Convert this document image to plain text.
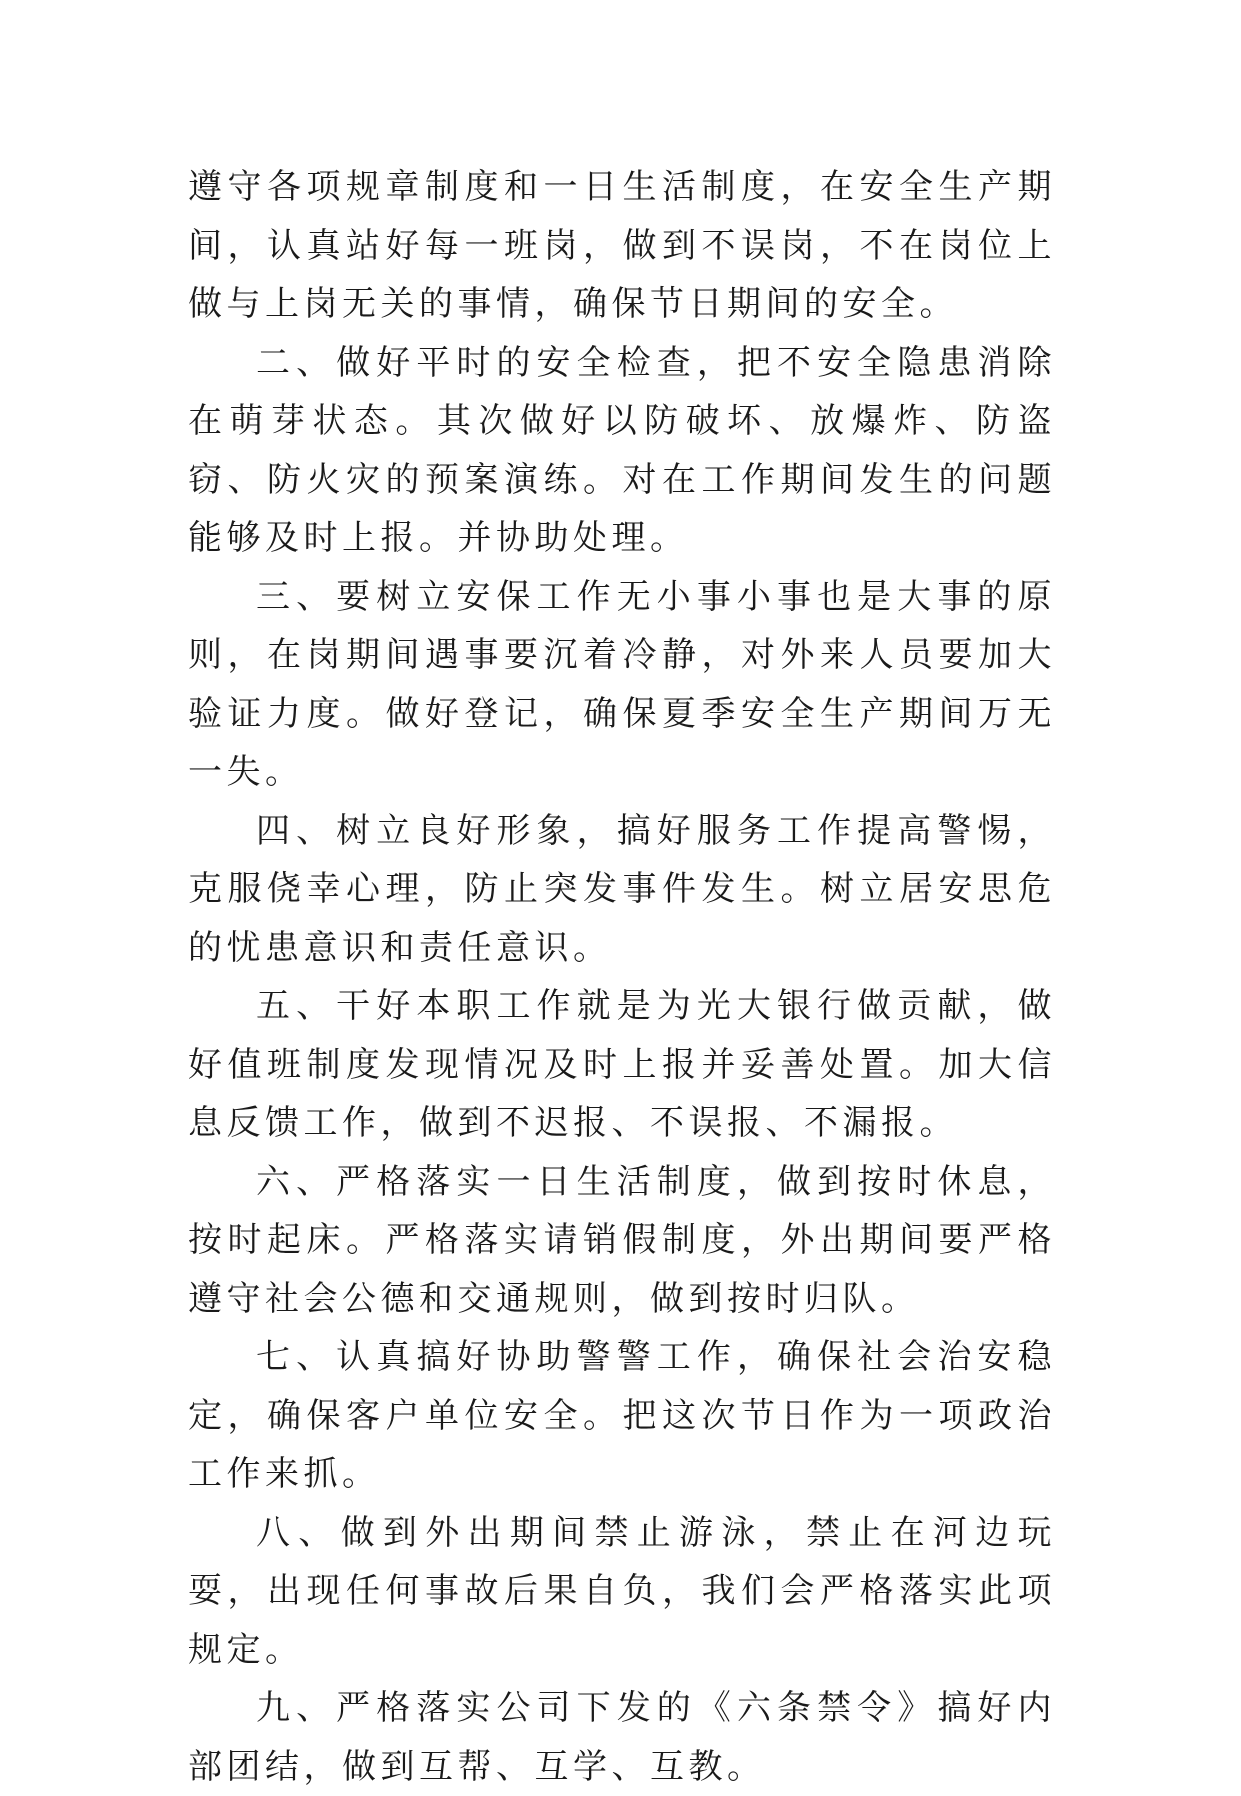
遵守各项规章制度和一日生活制度，在安全生产期间，认真站好每一班岗，做到不误岗，不在岗位上做与上岗无关的事情，确保节日期间的安全。

二、做好平时的安全检查，把不安全隐患消除在萌芽状态。其次做好以防破坏、放爆炸、防盗窃、防火灾的预案演练。对在工作期间发生的问题能够及时上报。并协助处理。

三、要树立安保工作无小事小事也是大事的原则，在岗期间遇事要沉着冷静，对外来人员要加大验证力度。做好登记，确保夏季安全生产期间万无一失。

四、树立良好形象，搞好服务工作提高警惕，克服侥幸心理，防止突发事件发生。树立居安思危的忧患意识和责任意识。

五、干好本职工作就是为光大银行做贡献，做好值班制度发现情况及时上报并妥善处置。加大信息反馈工作，做到不迟报、不误报、不漏报。

六、严格落实一日生活制度，做到按时休息，按时起床。严格落实请销假制度，外出期间要严格遵守社会公德和交通规则，做到按时归队。

七、认真搞好协助警警工作，确保社会治安稳定，确保客户单位安全。把这次节日作为一项政治工作来抓。

八、做到外出期间禁止游泳，禁止在河边玩耍，出现任何事故后果自负，我们会严格落实此项规定。

九、严格落实公司下发的《六条禁令》搞好内部团结，做到互帮、互学、互教。
